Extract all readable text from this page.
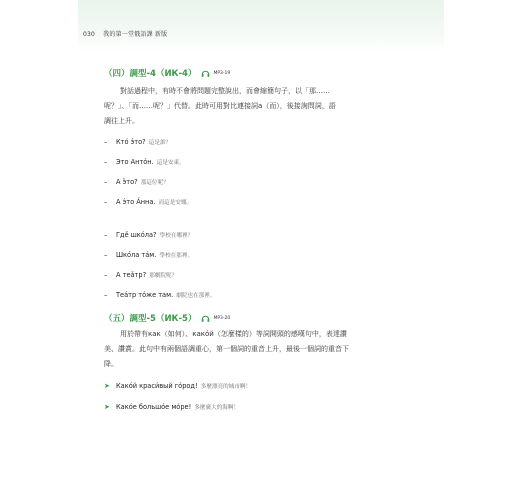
030 我的第一堂俄語課 新版
（四）調型-4（ИК-4）	MP3-19
對話過程中，有時不會將問題完整說出，而會縮簡句子，以「那……
呢？」、「而……呢？」代替。此時可用對比連接詞а（而），後接詢問詞，語
調往上升。
– Кто́ э́то? 這是誰？
– Это Анто́н. 這是安東。
– А э̌то? 那這位呢？
– А э́то А́нна. 而這是安娜。
– Где̌ шко́ла? 學校在哪裡？
– Шко́ла та́м. 學校在那裡。
– А теа̌тр? 那劇院呢？
– Теа́тр то́же там. 劇院也在那裡。
（五）調型-5（ИК-5）	MP3-20
用於帶有как（如何）、како́й（怎麼樣的）等詞開頭的感嘆句中，表達讚
美、讚賞。此句中有兩個語調重心，第一個詞的重音上升，最後一個詞的重音下
降。
➤ Како́й краси́вый го́род!
多麼漂亮的城市啊！
➤ Како́е большо́е мо́ре!
多麼廣大的海啊！
